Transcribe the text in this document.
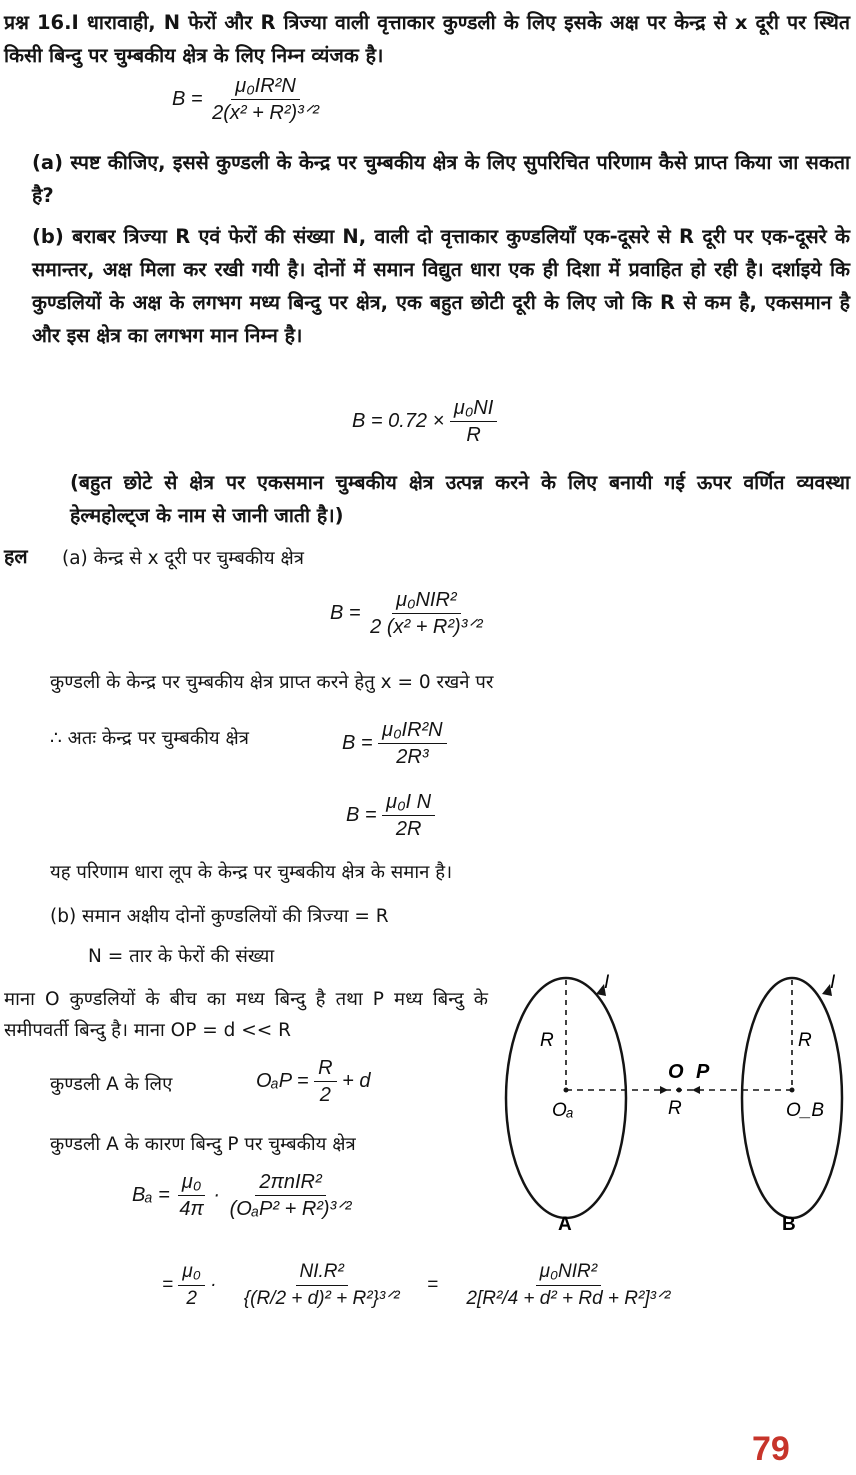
प्रश्न 16.I धारावाही, N फेरों और R त्रिज्या वाली वृत्ताकार कुण्डली के लिए इसके अक्ष पर केन्द्र से x दूरी पर स्थित किसी बिन्दु पर चुम्बकीय क्षेत्र के लिए निम्न व्यंजक है।
$B = \frac{\text{μ₀IR²N}}{\text{2(x² + R²)³ᐟ²}}$
(a) स्पष्ट कीजिए, इससे कुण्डली के केन्द्र पर चुम्बकीय क्षेत्र के लिए सुपरिचित परिणाम कैसे प्राप्त किया जा सकता है?
(b) बराबर त्रिज्या R एवं फेरों की संख्या N, वाली दो वृत्ताकार कुण्डलियाँ एक-दूसरे से R दूरी पर एक-दूसरे के समान्तर, अक्ष मिला कर रखी गयी है। दोनों में समान विद्युत धारा एक ही दिशा में प्रवाहित हो रही है। दर्शाइये कि कुण्डलियों के अक्ष के लगभग मध्य बिन्दु पर क्षेत्र, एक बहुत छोटी दूरी के लिए जो कि R से कम है, एकसमान है और इस क्षेत्र का लगभग मान निम्न है।
$B = 0.72 \times \frac{\text{μ₀NI}}{R}$
(बहुत छोटे से क्षेत्र पर एकसमान चुम्बकीय क्षेत्र उत्पन्न करने के लिए बनायी गई ऊपर वर्णित व्यवस्था हेल्महोल्ट्ज के नाम से जानी जाती है।)
हल (a) केन्द्र से x दूरी पर चुम्बकीय क्षेत्र
$B = \frac{\text{μ₀NIR²}}{\text{2 (x² + R²)³ᐟ²}}$
कुण्डली के केन्द्र पर चुम्बकीय क्षेत्र प्राप्त करने हेतु x = 0 रखने पर
∴ अतः केन्द्र पर चुम्बकीय क्षेत्र	$B = \frac{\text{μ₀IR²N}}{\text{2R³}}$
$B = \frac{\text{μ₀I N}}{2R}$
यह परिणाम धारा लूप के केन्द्र पर चुम्बकीय क्षेत्र के समान है।
(b) समान अक्षीय दोनों कुण्डलियों की त्रिज्या = R
N = तार के फेरों की संख्या
माना O कुण्डलियों के बीच का मध्य बिन्दु है तथा P मध्य बिन्दु के समीपवर्ती बिन्दु है। माना OP = d << R
कुण्डली A के लिए	$O_aP = \frac{R}{2} + d$
कुण्डली A के कारण बिन्दु P पर चुम्बकीय क्षेत्र
$B_a = \frac{\text{μ₀}}{4\pi} \cdot \frac{\text{2πnIR²}}{\text{(OₐP² + R²)³ᐟ²}}$
= $\frac{\text{μ₀}}{2} \cdot \frac{\text{NI.R²}}{\text{\{(R/2 + d)² + R²\}³ᐟ²}} = \frac{\text{μ₀NIR²}}{\text{2[R²/4 + d² + Rd + R²]³ᐟ²}}$
I	I
R	R
O P
R
Oₐ	O_B
A	B
79
